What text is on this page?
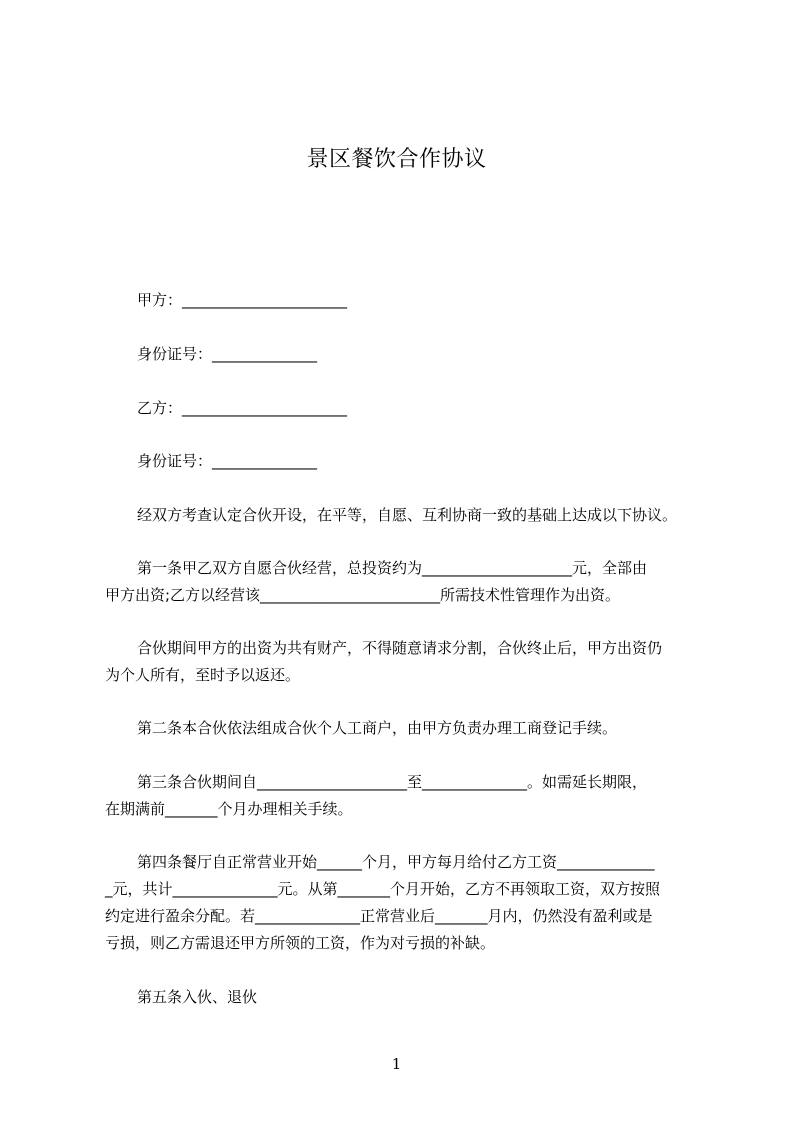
景区餐饮合作协议
甲方：______________________
身份证号：______________
乙方：______________________
身份证号：______________
经双方考查认定合伙开设，在平等，自愿、互利协商一致的基础上达成以下协议。
第一条甲乙双方自愿合伙经营，总投资约为____________________元，全部由
甲方出资;乙方以经营该________________________所需技术性管理作为出资。
合伙期间甲方的出资为共有财产，不得随意请求分割，合伙终止后，甲方出资仍
为个人所有，至时予以返还。
第二条本合伙依法组成合伙个人工商户，由甲方负责办理工商登记手续。
第三条合伙期间自____________________至______________。如需延长期限，
在期满前_______个月办理相关手续。
第四条餐厅自正常营业开始______个月，甲方每月给付乙方工资_____________
_元，共计______________元。从第_______个月开始，乙方不再领取工资，双方按照
约定进行盈余分配。若______________正常营业后_______月内，仍然没有盈利或是
亏损，则乙方需退还甲方所领的工资，作为对亏损的补缺。
第五条入伙、退伙
1
